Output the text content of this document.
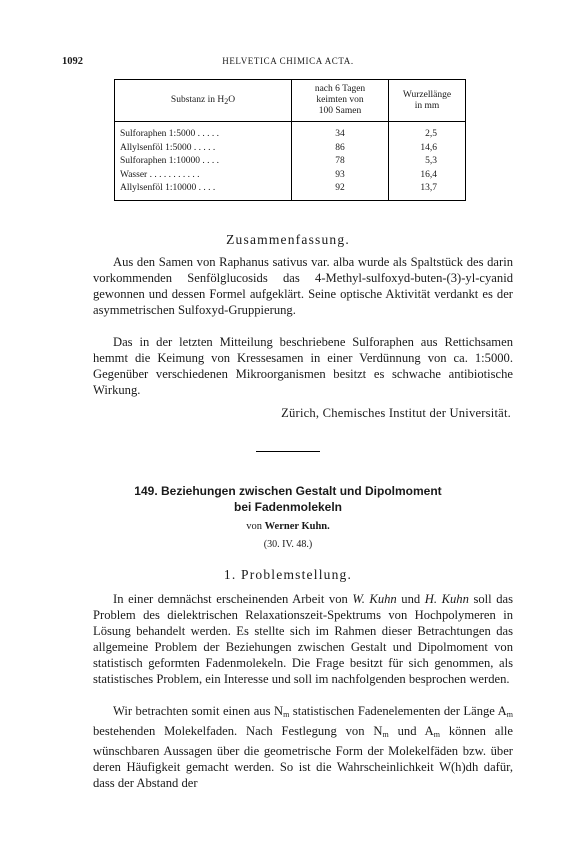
1092	HELVETICA CHIMICA ACTA.
Substanz in $H_2O$	nach 6 Tagen
keimten von
100 Samen	Wurzellänge
in mm
Sulforaphen 1:5000 . . . . .	34	2,5
Allylsenföl 1:5000 . . . . .	86	14,6
Sulforaphen 1:10000 . . . .	78	5,3
Wasser . . . . . . . . . . .	93	16,4
Allylsenföl 1:10000 . . . .	92	13,7
Zusammenfassung.

Aus den Samen von Raphanus sativus var. alba wurde als Spaltstück des darin vorkommenden Senfölglucosids das 4-Methyl-sulfoxyd-buten-(3)-yl-cyanid gewonnen und dessen Formel aufgeklärt. Seine optische Aktivität verdankt es der asymmetrischen Sulfoxyd-Gruppierung.

Das in der letzten Mitteilung beschriebene Sulforaphen aus Rettichsamen hemmt die Keimung von Kressesamen in einer Verdünnung von ca. 1:5000. Gegenüber verschiedenen Mikroorganismen besitzt es schwache antibiotische Wirkung.

Zürich, Chemisches Institut der Universität.
149. Beziehungen zwischen Gestalt und Dipolmoment
bei Fadenmolekeln
von Werner Kuhn.
(30. IV. 48.)
1. Problemstellung.

In einer demnächst erscheinenden Arbeit von W. Kuhn und H. Kuhn soll das Problem des dielektrischen Relaxationszeit-Spektrums von Hochpolymeren in Lösung behandelt werden. Es stellte sich im Rahmen dieser Betrachtungen das allgemeine Problem der Beziehungen zwischen Gestalt und Dipolmoment von statistisch geformten Fadenmolekeln. Die Frage besitzt für sich genommen, als statistisches Problem, ein Interesse und soll im nachfolgenden besprochen werden.

Wir betrachten somit einen aus $N_m$ statistischen Fadenelementen der Länge $A_m$ bestehenden Molekelfaden. Nach Festlegung von $N_m$ und $A_m$ können alle wünschbaren Aussagen über die geometrische Form der Molekelfäden bzw. über deren Häufigkeit gemacht werden. So ist die Wahrscheinlichkeit W(h)dh dafür, dass der Abstand der
